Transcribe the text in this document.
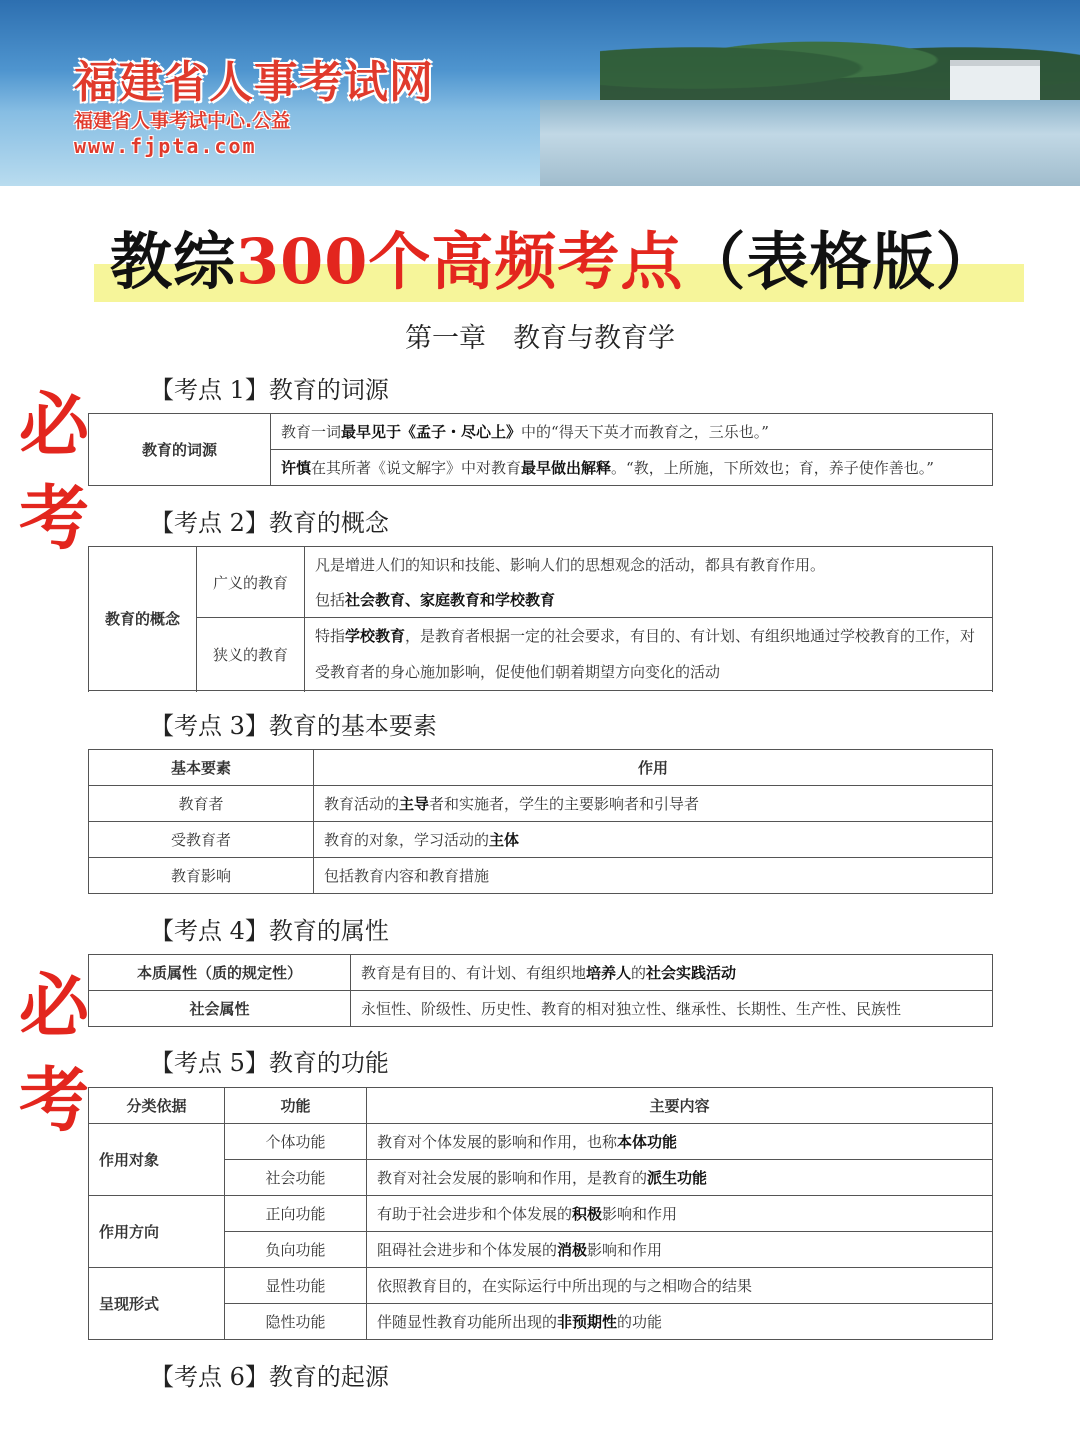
福建省人事考试网
福建省人事考试中心.公益
www.fjpta.com
教综300个高频考点（表格版）
第一章　教育与教育学
必
考
必
考
【考点 1】教育的词源
教育的词源	教育一词最早见于《孟子・尽心上》中的“得天下英才而教育之，三乐也。”
许慎在其所著《说文解字》中对教育最早做出解释。“教，上所施，下所效也；育，养子使作善也。”
【考点 2】教育的概念
教育的概念	广义的教育	凡是增进人们的知识和技能、影响人们的思想观念的活动，都具有教育作用。
		包括社会教育、家庭教育和学校教育
	狭义的教育	特指学校教育，是教育者根据一定的社会要求，有目的、有计划、有组织地通过学校教育的工作，对受教育者的身心施加影响，促使他们朝着期望方向变化的活动

【考点 3】教育的基本要素
基本要素	作用
教育者	教育活动的主导者和实施者，学生的主要影响者和引导者
受教育者	教育的对象，学习活动的主体
教育影响	包括教育内容和教育措施
【考点 4】教育的属性
本质属性（质的规定性）	教育是有目的、有计划、有组织地培养人的社会实践活动
社会属性	永恒性、阶级性、历史性、教育的相对独立性、继承性、长期性、生产性、民族性
【考点 5】教育的功能
分类依据	功能	主要内容
作用对象	个体功能	教育对个体发展的影响和作用，也称本体功能
	社会功能	教育对社会发展的影响和作用，是教育的派生功能
作用方向	正向功能	有助于社会进步和个体发展的积极影响和作用
	负向功能	阻碍社会进步和个体发展的消极影响和作用
呈现形式	显性功能	依照教育目的，在实际运行中所出现的与之相吻合的结果
	隐性功能	伴随显性教育功能所出现的非预期性的功能
【考点 6】教育的起源
